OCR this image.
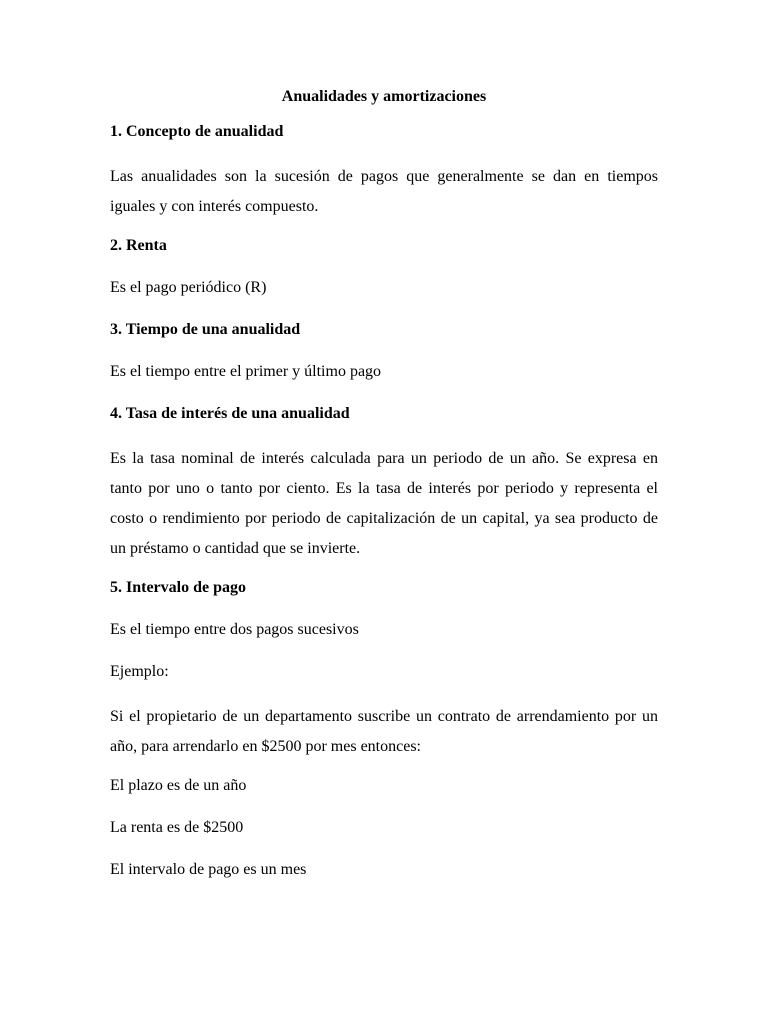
Anualidades y amortizaciones
1. Concepto de anualidad
Las anualidades son la sucesión de pagos que generalmente se dan en tiempos iguales y con interés compuesto.
2. Renta
Es el pago periódico (R)
3. Tiempo de una anualidad
Es el tiempo entre el primer y último pago
4. Tasa de interés de una anualidad
Es la tasa nominal de interés calculada para un periodo de un año. Se expresa en tanto por uno o tanto por ciento. Es la tasa de interés por periodo y representa el costo o rendimiento por periodo de capitalización de un capital, ya sea producto de un préstamo o cantidad que se invierte.
5. Intervalo de pago
Es el tiempo entre dos pagos sucesivos
Ejemplo:
Si el propietario de un departamento suscribe un contrato de arrendamiento por un año, para arrendarlo en $2500 por mes entonces:
El plazo es de un año
La renta es de $2500
El intervalo de pago es un mes
